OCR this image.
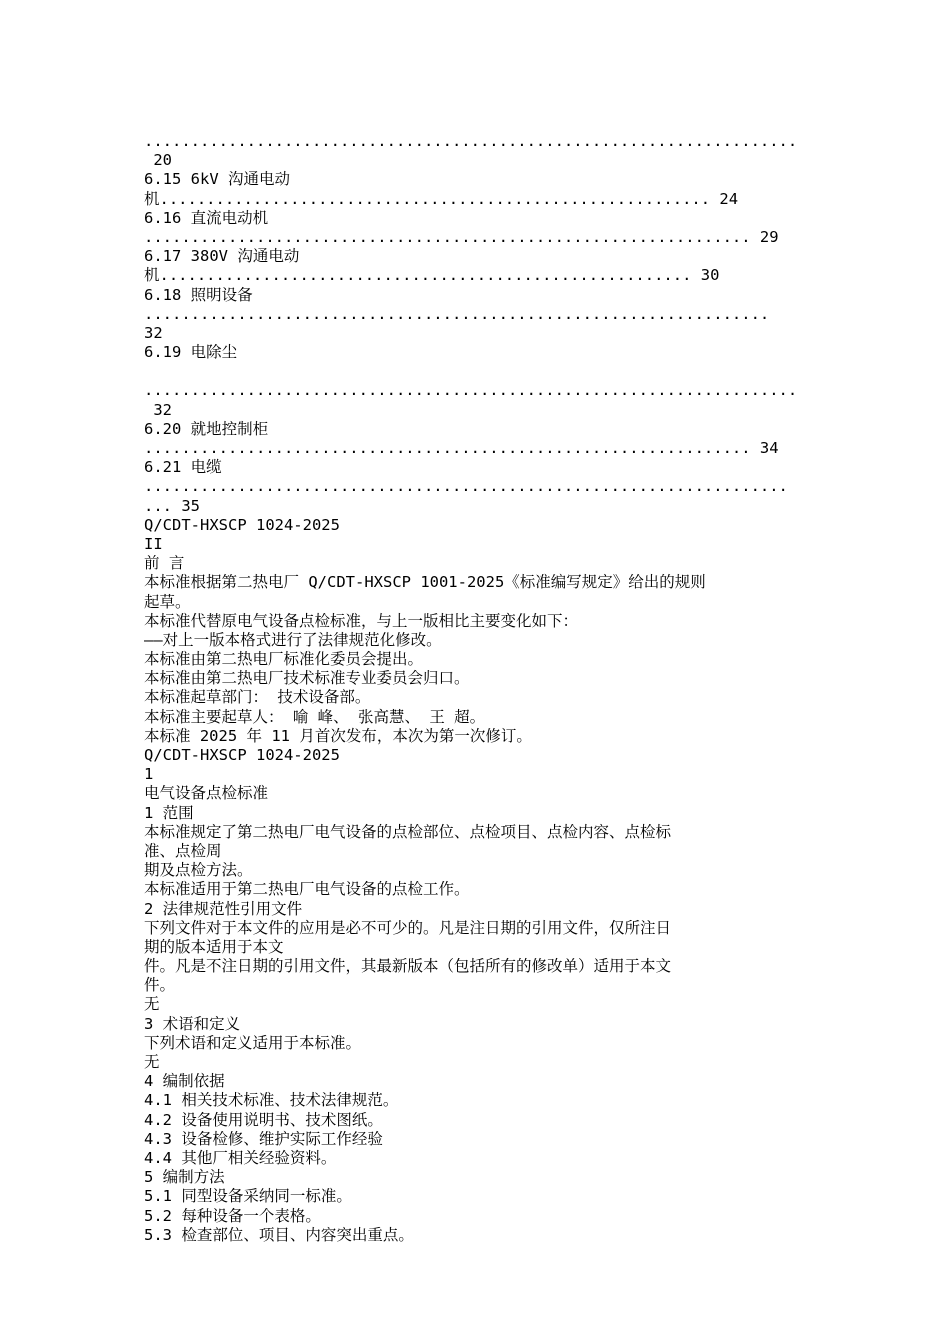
......................................................................
20
6.15 6kV 沟通电动
机........................................................... 24
6.16 直流电动机
................................................................. 29
6.17 380V 沟通电动
机......................................................... 30
6.18 照明设备
...................................................................
32
6.19 电除尘
......................................................................
32
6.20 就地控制柜
................................................................. 34
6.21 电缆
.....................................................................
... 35
Q/CDT-HXSCP 1024-2025
II
前 言
本标准根据第二热电厂 Q/CDT-HXSCP 1001-2025《标准编写规定》给出的规则
起草。
本标准代替原电气设备点检标准，与上一版相比主要变化如下：
——对上一版本格式进行了法律规范化修改。
本标准由第二热电厂标准化委员会提出。
本标准由第二热电厂技术标准专业委员会归口。
本标准起草部门： 技术设备部。
本标准主要起草人： 喻 峰、 张高慧、 王 超。
本标准 2025 年 11 月首次发布，本次为第一次修订。
Q/CDT-HXSCP 1024-2025
1
电气设备点检标准
1 范围
本标准规定了第二热电厂电气设备的点检部位、点检项目、点检内容、点检标
准、点检周
期及点检方法。
本标准适用于第二热电厂电气设备的点检工作。
2 法律规范性引用文件
下列文件对于本文件的应用是必不可少的。凡是注日期的引用文件，仅所注日
期的版本适用于本文
件。凡是不注日期的引用文件，其最新版本（包括所有的修改单）适用于本文
件。
无
3 术语和定义
下列术语和定义适用于本标准。
无
4 编制依据
4.1 相关技术标准、技术法律规范。
4.2 设备使用说明书、技术图纸。
4.3 设备检修、维护实际工作经验
4.4 其他厂相关经验资料。
5 编制方法
5.1 同型设备采纳同一标准。
5.2 每种设备一个表格。
5.3 检查部位、项目、内容突出重点。
